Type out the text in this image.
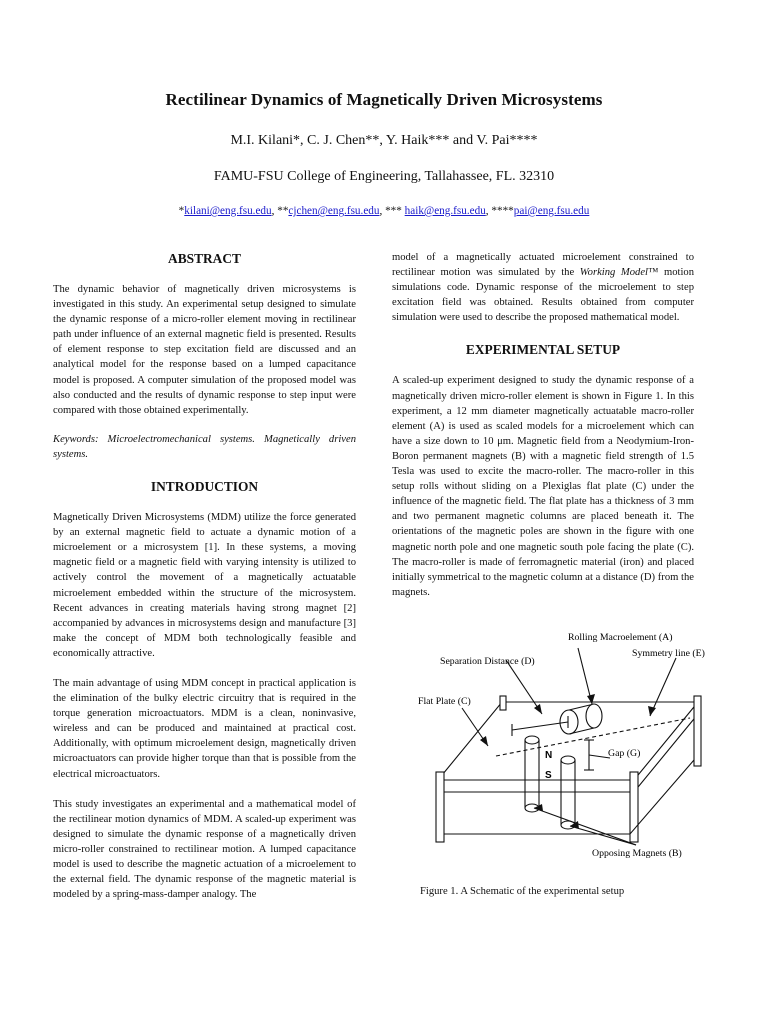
Rectilinear Dynamics of Magnetically Driven Microsystems
M.I. Kilani*, C. J. Chen**, Y. Haik*** and V. Pai****
FAMU-FSU College of Engineering, Tallahassee, FL. 32310
*kilani@eng.fsu.edu, **cjchen@eng.fsu.edu, *** haik@eng.fsu.edu, ****pai@eng.fsu.edu
ABSTRACT

The dynamic behavior of magnetically driven microsystems is investigated in this study. An experimental setup designed to simulate the dynamic response of a micro-roller element moving in rectilinear path under influence of an external magnetic field is presented. Results of element response to step excitation field are discussed and an analytical model for the response based on a lumped capacitance model is proposed. A computer simulation of the proposed model was also conducted and the results of dynamic response to step input were compared with those obtained experimentally.

Keywords: Microelectromechanical systems. Magnetically driven systems.

INTRODUCTION

Magnetically Driven Microsystems (MDM) utilize the force generated by an external magnetic field to actuate a dynamic motion of a microelement or a microsystem [1]. In these systems, a moving magnetic field or a magnetic field with varying intensity is utilized to actively control the movement of a magnetically actuatable microelement embedded within the structure of the microsystem. Recent advances in creating materials having strong magnet [2] accompanied by advances in microsystems design and manufacture [3] make the concept of MDM both technologically feasible and economically attractive.

The main advantage of using MDM concept in practical application is the elimination of the bulky electric circuitry that is required in the torque generation microactuators. MDM is a clean, noninvasive, wireless and can be produced and maintained at practical cost. Additionally, with optimum microelement design, magnetically driven microactuators can provide higher torque than that is possible from the electrical microactuators.

This study investigates an experimental and a mathematical model of the rectilinear motion dynamics of MDM. A scaled-up experiment was designed to simulate the dynamic response of a magnetically driven micro-roller constrained to rectilinear motion. A lumped capacitance model is used to describe the magnetic actuation of a microelement to the external field. The dynamic response of the magnetic material is modeled by a spring-mass-damper analogy. The

model of a magnetically actuated microelement constrained to rectilinear motion was simulated by the Working Model™ motion simulations code. Dynamic response of the microelement to step excitation field was obtained. Results obtained from computer simulation were used to describe the proposed mathematical model.

EXPERIMENTAL SETUP

A scaled-up experiment designed to study the dynamic response of a magnetically driven micro-roller element is shown in Figure 1. In this experiment, a 12 mm diameter magnetically actuatable macro-roller element (A) is used as scaled models for a microelement which can have a size down to 10 μm. Magnetic field from a Neodymium-Iron-Boron permanent magnets (B) with a magnetic field strength of 1.5 Tesla was used to excite the macro-roller. The macro-roller in this setup rolls without sliding on a Plexiglas flat plate (C) under the influence of the magnetic field. The flat plate has a thickness of 3 mm and two permanent magnetic columns are placed beneath it. The orientations of the magnetic poles are shown in the figure with one magnetic north pole and one magnetic south pole facing the plate (C). The macro-roller is made of ferromagnetic material (iron) and placed initially symmetrical to the magnetic column at a distance (D) from the magnets.

N
S
Rolling Macroelement (A)
Symmetry line (E)
Separation Distance (D)
Flat Plate (C)
Gap (G)
Opposing Magnets (B)
Figure 1. A Schematic of the experimental setup
